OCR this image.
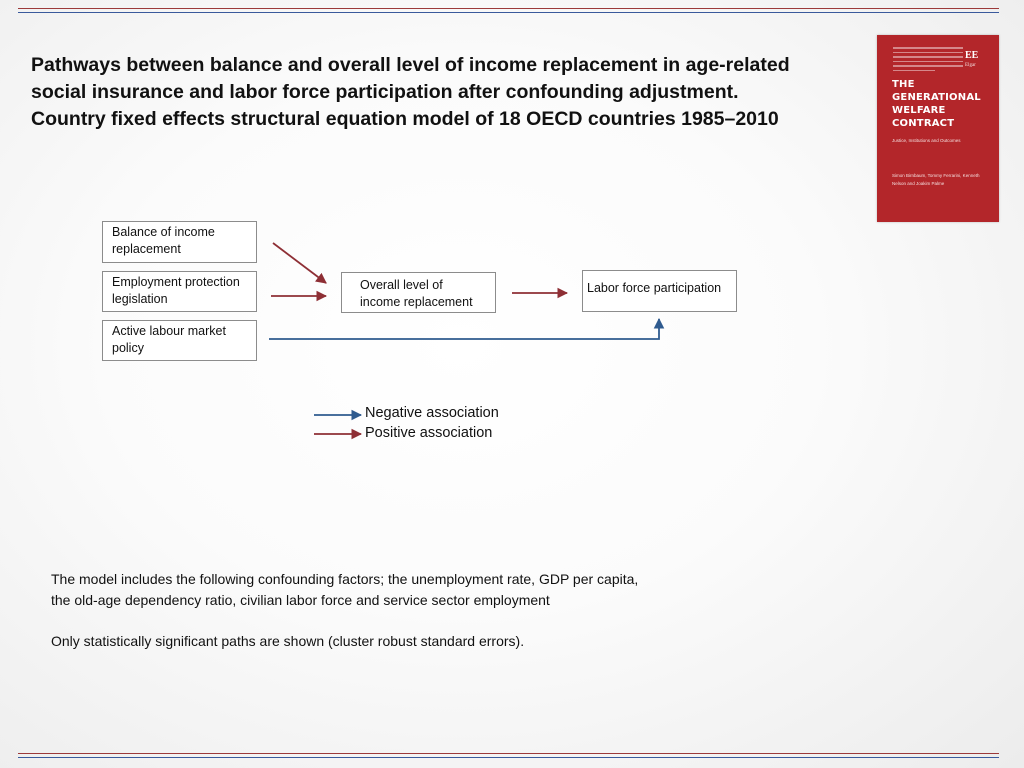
Pathways between balance and overall level of income replacement in age-related
social insurance and labor force participation after confounding adjustment.
Country fixed effects structural equation model of 18 OECD countries 1985–2010
EE
Elgar
THE
GENERATIONAL
WELFARE
CONTRACT
Justice, Institutions and Outcomes
Simon Birnbaum, Tommy Ferrarini, Kenneth Nelson and Joakim Palme
Balance of income replacement
Employment protection legislation
Active labour market policy
Overall level of income replacement
Labor force participation
Negative association
Positive association
The model includes the following confounding factors; the unemployment rate, GDP per capita,
the old-age dependency ratio, civilian labor force and service sector employment
Only statistically significant paths are shown (cluster robust standard errors).
